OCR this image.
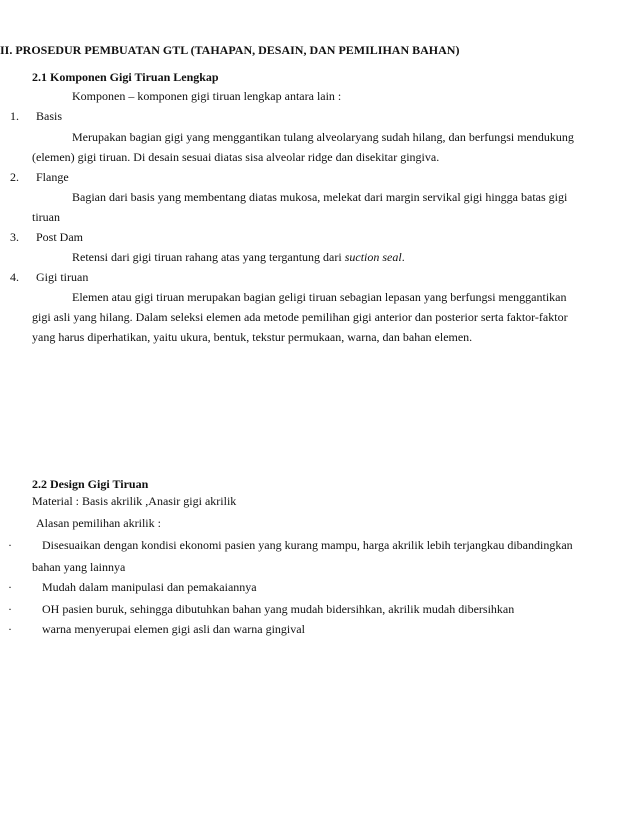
II. PROSEDUR PEMBUATAN GTL (TAHAPAN, DESAIN, DAN PEMILIHAN BAHAN)
2.1 Komponen Gigi Tiruan Lengkap
Komponen – komponen gigi tiruan lengkap antara lain :
1. Basis
Merupakan bagian gigi yang menggantikan tulang alveolaryang sudah hilang, dan berfungsi mendukung
(elemen) gigi tiruan. Di desain sesuai diatas sisa alveolar ridge dan disekitar gingiva.
2. Flange
Bagian dari basis yang membentang diatas mukosa, melekat dari margin servikal gigi hingga batas gigi
tiruan
3. Post Dam
Retensi dari gigi tiruan rahang atas yang tergantung dari suction seal.
4. Gigi tiruan
Elemen atau gigi tiruan merupakan bagian geligi tiruan sebagian lepasan yang berfungsi menggantikan
gigi asli yang hilang. Dalam seleksi elemen ada metode pemilihan gigi anterior dan posterior serta faktor-faktor
yang harus diperhatikan, yaitu ukura, bentuk, tekstur permukaan, warna, dan bahan elemen.
2.2 Design Gigi Tiruan
Material : Basis akrilik ,Anasir gigi akrilik
Alasan pemilihan akrilik :
·	Disesuaikan dengan kondisi ekonomi pasien yang kurang mampu, harga akrilik lebih terjangkau dibandingkan
bahan yang lainnya
·	Mudah dalam manipulasi dan pemakaiannya
·	OH pasien buruk, sehingga dibutuhkan bahan yang mudah bidersihkan, akrilik mudah dibersihkan
·	warna menyerupai elemen gigi asli dan warna gingival
